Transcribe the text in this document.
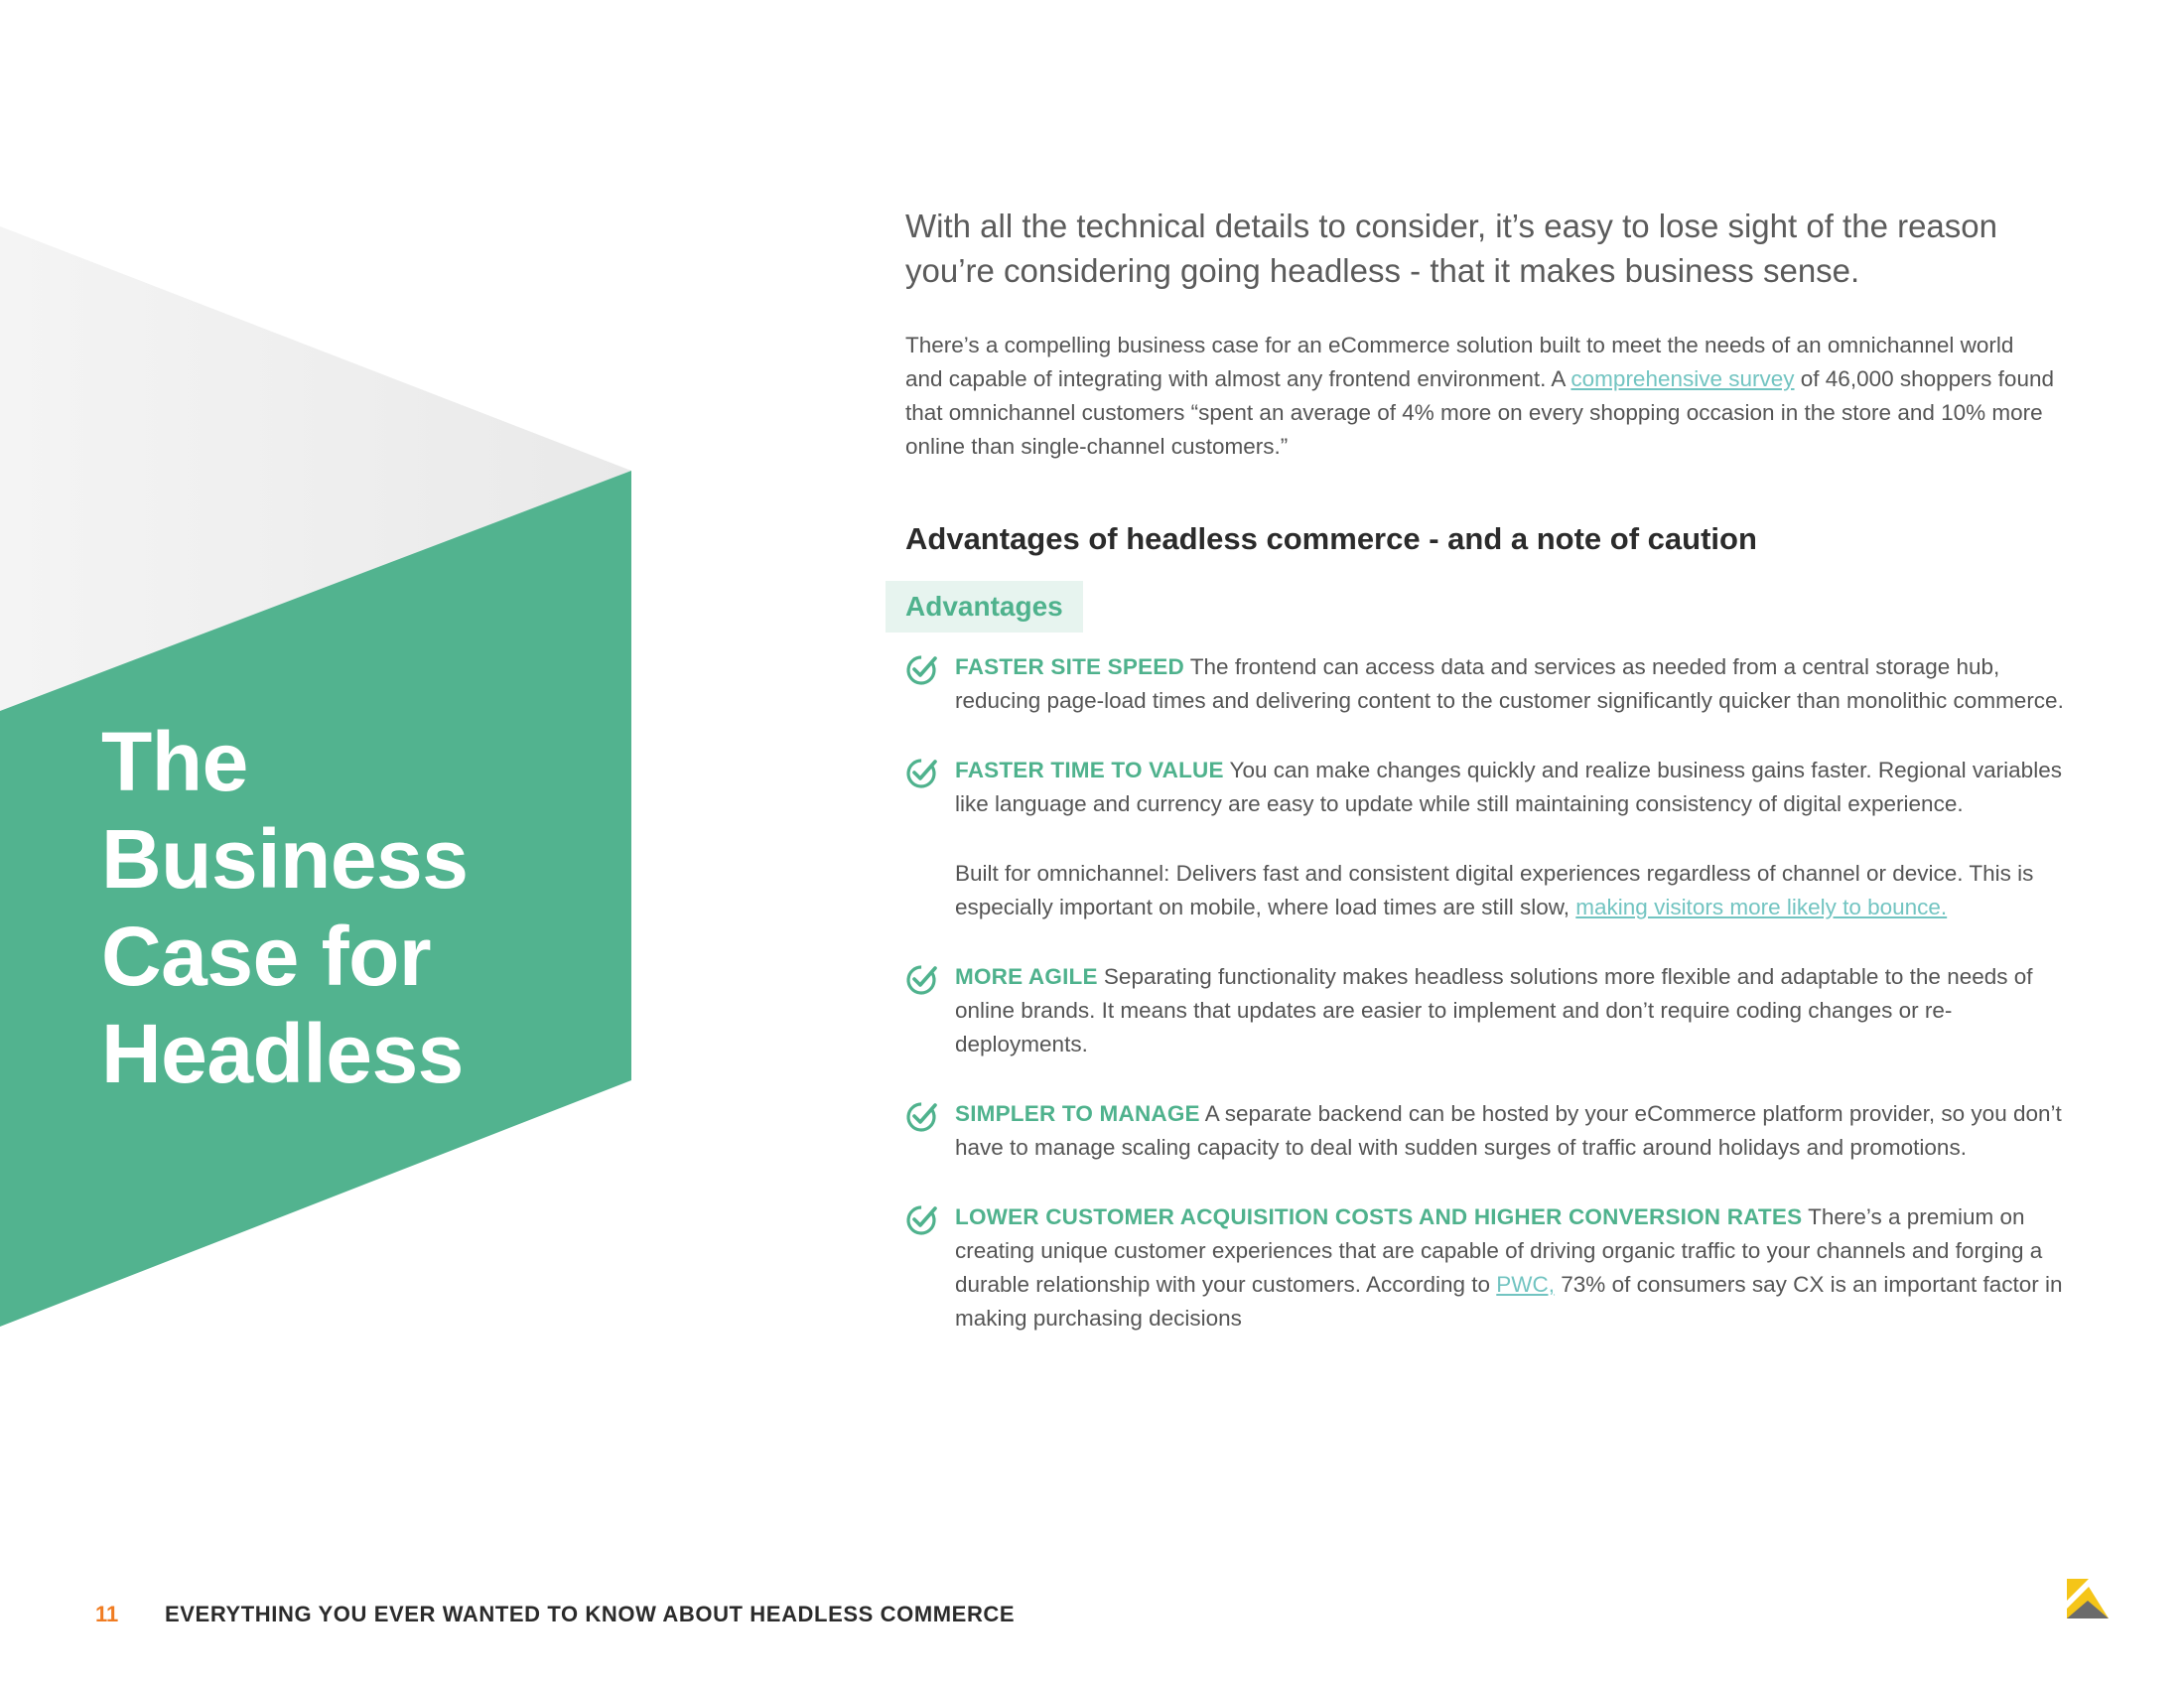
The
Business
Case for
Headless

With all the technical details to consider, it’s easy to lose sight of the reason you’re considering going headless - that it makes business sense.

There’s a compelling business case for an eCommerce solution built to meet the needs of an omnichannel world and capable of integrating with almost any frontend environment. A comprehensive survey of 46,000 shoppers found that omnichannel customers “spent an average of 4% more on every shopping occasion in the store and 10% more online than single-channel customers.”

Advantages of headless commerce - and a note of caution
Advantages

FASTER SITE SPEED The frontend can access data and services as needed from a central storage hub, reducing page-load times and delivering content to the customer significantly quicker than monolithic commerce.

FASTER TIME TO VALUE You can make changes quickly and realize business gains faster. Regional variables like language and currency are easy to update while still maintaining consistency of digital experience.

Built for omnichannel: Delivers fast and consistent digital experiences regardless of channel or device. This is especially important on mobile, where load times are still slow, making visitors more likely to bounce.

MORE AGILE Separating functionality makes headless solutions more flexible and adaptable to the needs of online brands. It means that updates are easier to implement and don’t require coding changes or re-deployments.

SIMPLER TO MANAGE A separate backend can be hosted by your eCommerce platform provider, so you don’t have to manage scaling capacity to deal with sudden surges of traffic around holidays and promotions.

LOWER CUSTOMER ACQUISITION COSTS AND HIGHER CONVERSION RATES There’s a premium on creating unique customer experiences that are capable of driving organic traffic to your channels and forging a durable relationship with your customers. According to PWC, 73% of consumers say CX is an important factor in making purchasing decisions

11 EVERYTHING YOU EVER WANTED TO KNOW ABOUT HEADLESS COMMERCE
